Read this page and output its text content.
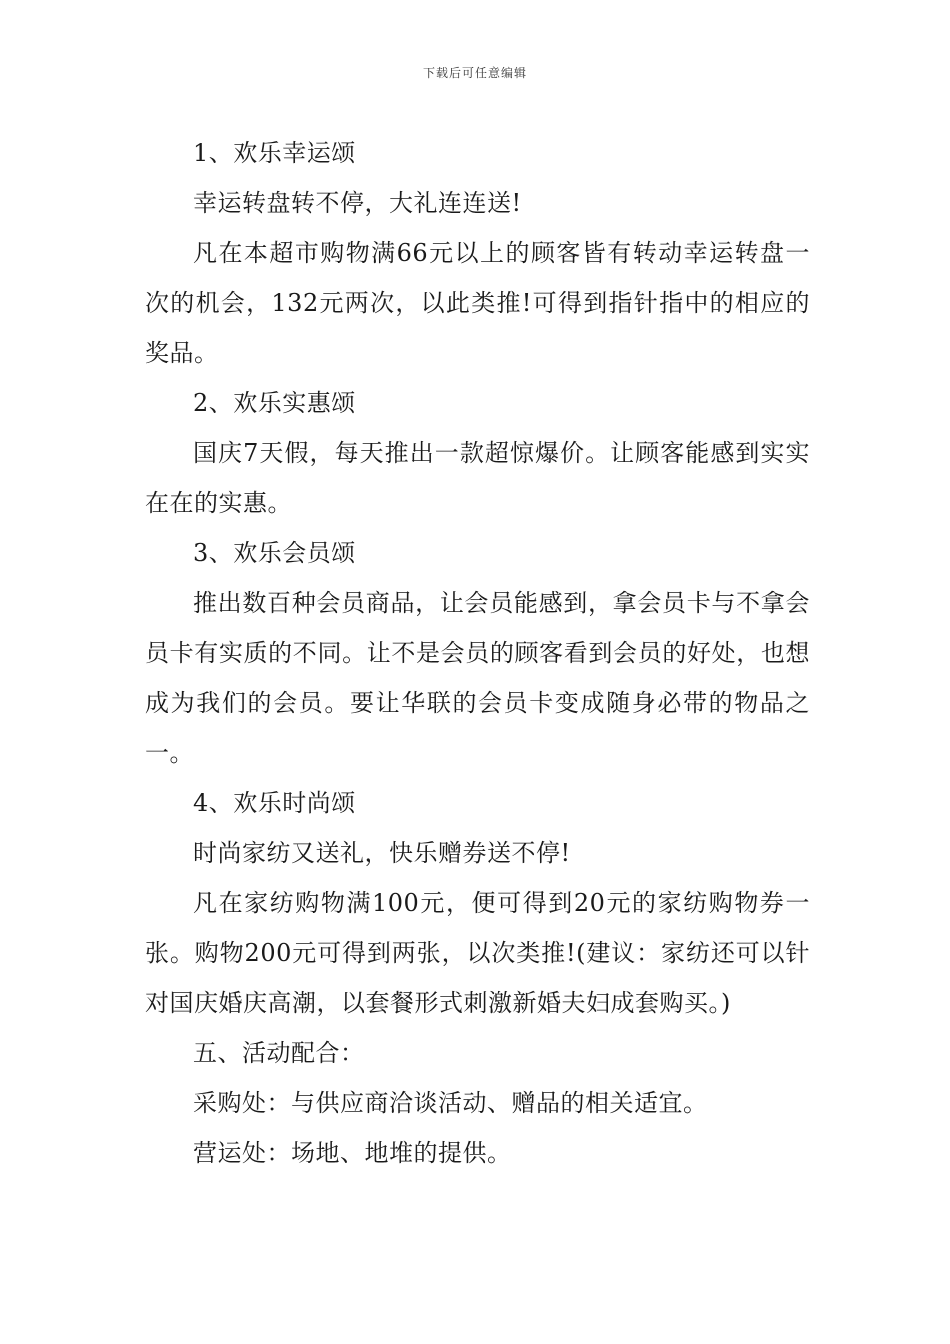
下载后可任意编辑

1、欢乐幸运颂

幸运转盘转不停，大礼连连送!

凡在本超市购物满66元以上的顾客皆有转动幸运转盘一次的机会，132元两次，以此类推!可得到指针指中的相应的奖品。

2、欢乐实惠颂

国庆7天假，每天推出一款超惊爆价。让顾客能感到实实在在的实惠。

3、欢乐会员颂

推出数百种会员商品，让会员能感到，拿会员卡与不拿会员卡有实质的不同。让不是会员的顾客看到会员的好处，也想成为我们的会员。要让华联的会员卡变成随身必带的物品之一。

4、欢乐时尚颂

时尚家纺又送礼，快乐赠券送不停!

凡在家纺购物满100元，便可得到20元的家纺购物券一张。购物200元可得到两张，以次类推!(建议：家纺还可以针对国庆婚庆高潮，以套餐形式刺激新婚夫妇成套购买。)

五、活动配合：

采购处：与供应商洽谈活动、赠品的相关适宜。

营运处：场地、地堆的提供。
